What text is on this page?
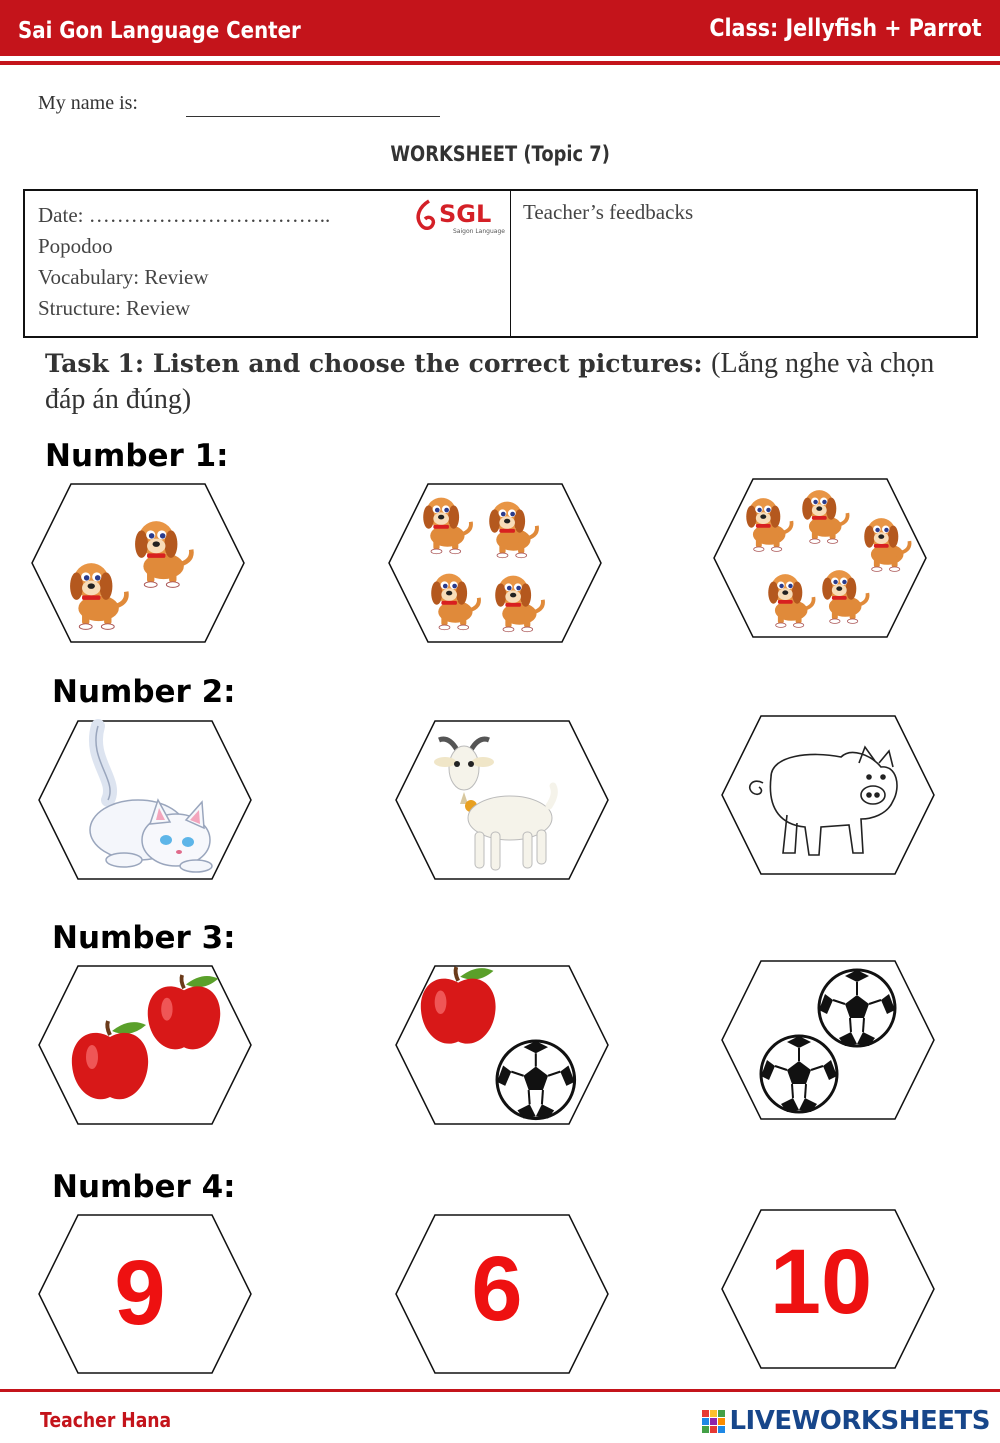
Sai Gon Language Center	Class: Jellyfish + Parrot
My name is:
WORKSHEET (Topic 7)
Date: ……………………………..
Popodoo
Vocabulary: Review
Structure: Review
SGL
Saigon Language
Teacher’s feedbacks
Task 1: Listen and choose the correct pictures: (Lắng nghe và chọn đáp án đúng)
Number 1:
Number 2:
Number 3:
Number 4:
9	6	10
Teacher Hana	LIVEWORKSHEETS
